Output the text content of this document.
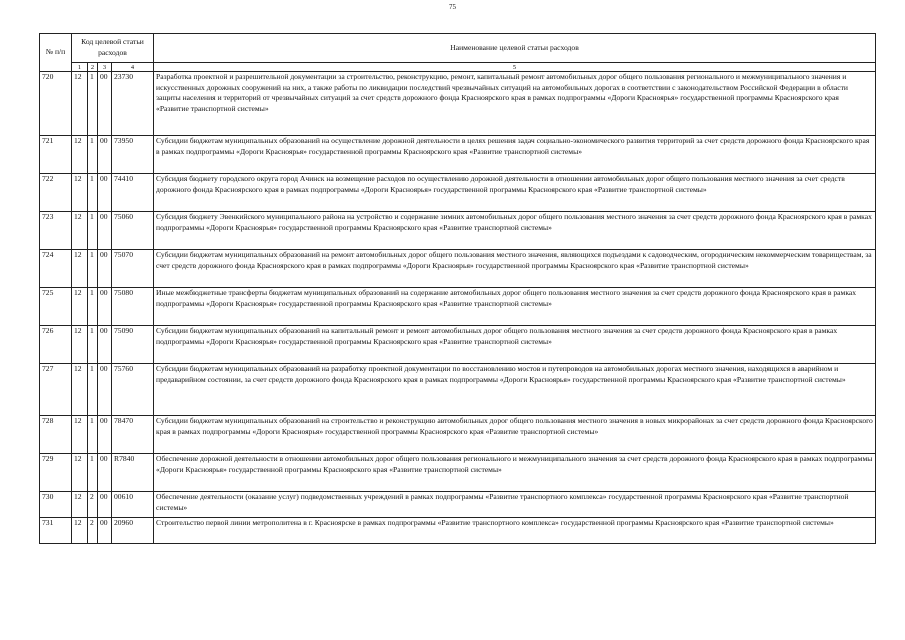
75
№ п/п	Код целевой статьи расходов				Наименование целевой статьи расходов
	1	2	3	4	5
720	12	1	00	23730	Разработка проектной и разрешительной документации за строительство, реконструкцию, ремонт, капитальный ремонт автомобильных дорог общего пользования регионального и межмуниципального значения и искусственных дорожных сооружений на них, а также работы по ликвидации последствий чрезвычайных ситуаций на автомобильных дорогах в соответствии с законодательством Российской Федерации в области защиты населения и территорий от чрезвычайных ситуаций за счет средств дорожного фонда Красноярского края в рамках подпрограммы «Дороги Красноярья» государственной программы Красноярского края «Развитие транспортной системы»
721	12	1	00	73950	Субсидии бюджетам муниципальных образований на осуществление дорожной деятельности в целях решения задач социально-экономического развития территорий за счет средств дорожного фонда Красноярского края в рамках подпрограммы «Дороги Красноярья» государственной программы Красноярского края «Развитие транспортной системы»
722	12	1	00	74410	Субсидия бюджету городского округа город Ачинск на возмещение расходов по осуществлению дорожной деятельности в отношении автомобильных дорог общего пользования местного значения за счет средств дорожного фонда Красноярского края в рамках подпрограммы «Дороги Красноярья» государственной программы Красноярского края «Развитие транспортной системы»
723	12	1	00	75060	Субсидия бюджету Эвенкийского муниципального района на устройство и содержание зимних автомобильных дорог общего пользования местного значения за счет средств дорожного фонда Красноярского края в рамках подпрограммы «Дороги Красноярья» государственной программы Красноярского края «Развитие транспортной системы»
724	12	1	00	75070	Субсидии бюджетам муниципальных образований на ремонт автомобильных дорог общего пользования местного значения, являющихся подъездами к садоводческим, огородническим некоммерческим товариществам, за счет средств дорожного фонда Красноярского края в рамках подпрограммы «Дороги Красноярья» государственной программы Красноярского края «Развитие транспортной системы»
725	12	1	00	75080	Иные межбюджетные трансферты бюджетам муниципальных образований на содержание автомобильных дорог общего пользования местного значения за счет средств дорожного фонда Красноярского края в рамках подпрограммы «Дороги Красноярья» государственной программы Красноярского края «Развитие транспортной системы»
726	12	1	00	75090	Субсидии бюджетам муниципальных образований на капитальный ремонт и ремонт автомобильных дорог общего пользования местного значения за счет средств дорожного фонда Красноярского края в рамках подпрограммы «Дороги Красноярья» государственной программы Красноярского края «Развитие транспортной системы»
727	12	1	00	75760	Субсидии бюджетам муниципальных образований на разработку проектной документации по восстановлению мостов и путепроводов на автомобильных дорогах местного значения, находящихся в аварийном и предаварийном состоянии, за счет средств дорожного фонда Красноярского края в рамках подпрограммы «Дороги Красноярья» государственной программы Красноярского края «Развитие транспортной системы»
728	12	1	00	78470	Субсидии бюджетам муниципальных образований на строительство и реконструкцию автомобильных дорог общего пользования местного значения в новых микрорайонах за счет средств дорожного фонда Красноярского края в рамках подпрограммы «Дороги Красноярья» государственной программы Красноярского края «Развитие транспортной системы»
729	12	1	00	R7840	Обеспечение дорожной деятельности в отношении автомобильных дорог общего пользования регионального и межмуниципального значения за счет средств дорожного фонда Красноярского края в рамках подпрограммы «Дороги Красноярья» государственной программы Красноярского края «Развитие транспортной системы»
730	12	2	00	00610	Обеспечение деятельности (оказание услуг) подведомственных учреждений в рамках подпрограммы «Развитие транспортного комплекса» государственной программы Красноярского края «Развитие транспортной системы»
731	12	2	00	20960	Строительство первой линии метрополитена в г. Красноярске в рамках подпрограммы «Развитие транспортного комплекса» государственной программы Красноярского края «Развитие транспортной системы»
